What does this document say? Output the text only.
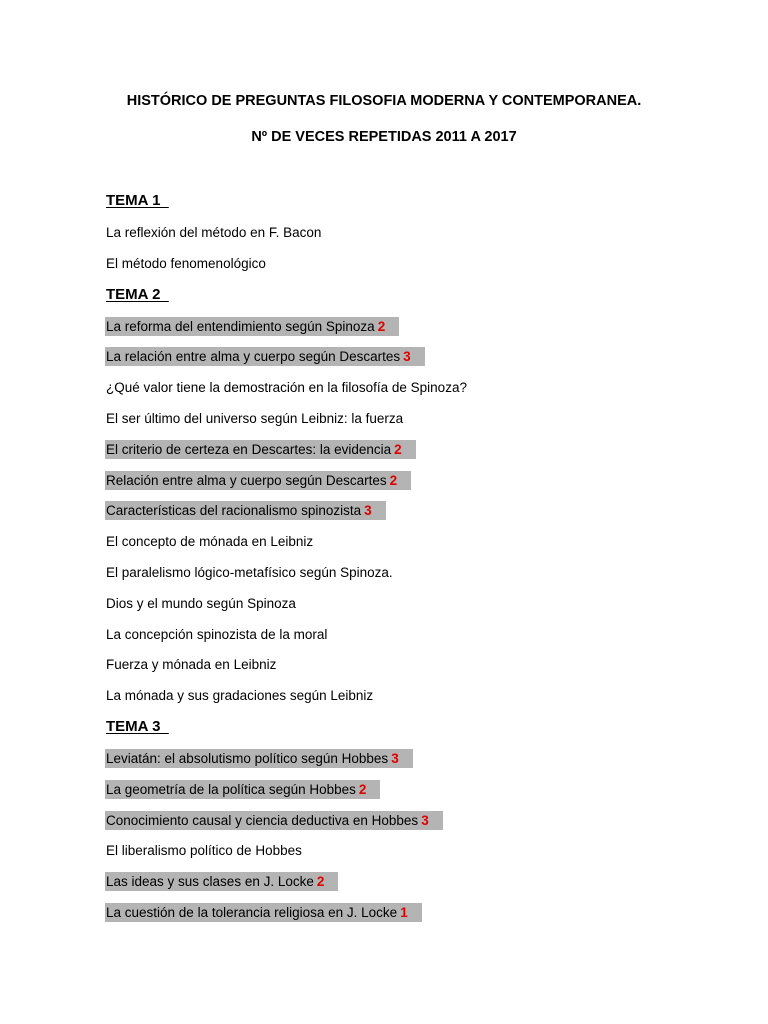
HISTÓRICO DE PREGUNTAS FILOSOFIA MODERNA Y CONTEMPORANEA.
Nº DE VECES REPETIDAS 2011 A 2017
TEMA 1
La reflexión del método en F. Bacon
El método fenomenológico
TEMA 2
La reforma del entendimiento según Spinoza 2
La relación entre alma y cuerpo según Descartes 3
¿Qué valor tiene la demostración en la filosofía de Spinoza?
El ser último del universo según Leibniz: la fuerza
El criterio de certeza en Descartes: la evidencia 2
Relación entre alma y cuerpo según Descartes 2
Características del racionalismo spinozista 3
El concepto de mónada en Leibniz
El paralelismo lógico-metafísico según Spinoza.
Dios y el mundo según Spinoza
La concepción spinozista de la moral
Fuerza y mónada en Leibniz
La mónada y sus gradaciones según Leibniz
TEMA 3
Leviatán: el absolutismo político según Hobbes 3
La geometría de la política según Hobbes 2
Conocimiento causal y ciencia deductiva en Hobbes 3
El liberalismo político de Hobbes
Las ideas y sus clases en J. Locke 2
La cuestión de la tolerancia religiosa en J. Locke 1
